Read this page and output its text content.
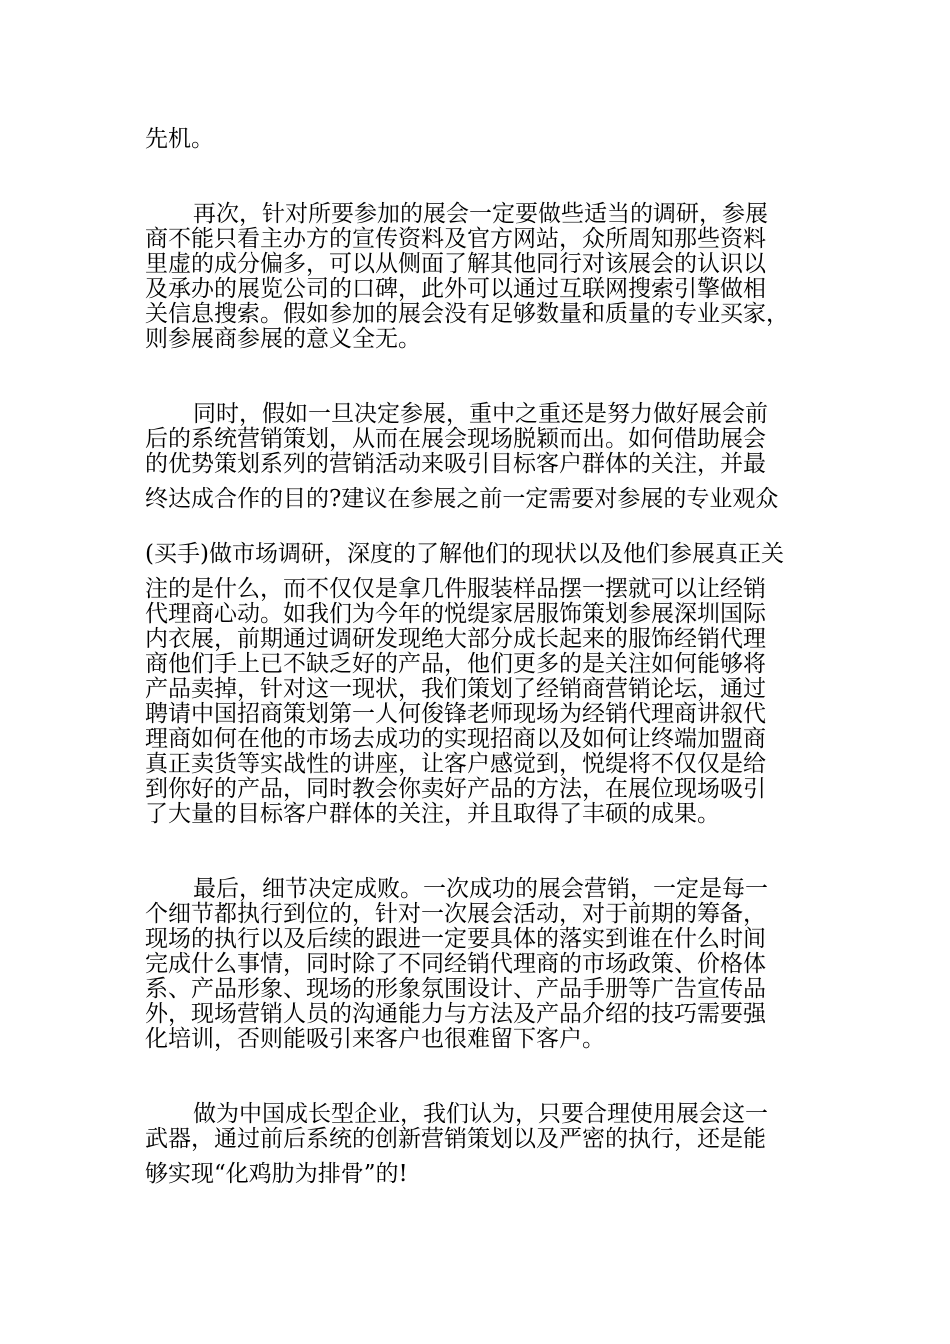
先机。
再次，针对所要参加的展会一定要做些适当的调研，参展
商不能只看主办方的宣传资料及官方网站，众所周知那些资料
里虚的成分偏多，可以从侧面了解其他同行对该展会的认识以
及承办的展览公司的口碑，此外可以通过互联网搜索引擎做相
关信息搜索。假如参加的展会没有足够数量和质量的专业买家，
则参展商参展的意义全无。
同时，假如一旦决定参展，重中之重还是努力做好展会前
后的系统营销策划，从而在展会现场脱颖而出。如何借助展会
的优势策划系列的营销活动来吸引目标客户群体的关注，并最
终达成合作的目的?建议在参展之前一定需要对参展的专业观众
(买手)做市场调研，深度的了解他们的现状以及他们参展真正关
注的是什么，而不仅仅是拿几件服装样品摆一摆就可以让经销
代理商心动。如我们为今年的悦缇家居服饰策划参展深圳国际
内衣展，前期通过调研发现绝大部分成长起来的服饰经销代理
商他们手上已不缺乏好的产品，他们更多的是关注如何能够将
产品卖掉，针对这一现状，我们策划了经销商营销论坛，通过
聘请中国招商策划第一人何俊锋老师现场为经销代理商讲叙代
理商如何在他的市场去成功的实现招商以及如何让终端加盟商
真正卖货等实战性的讲座，让客户感觉到，悦缇将不仅仅是给
到你好的产品，同时教会你卖好产品的方法，在展位现场吸引
了大量的目标客户群体的关注，并且取得了丰硕的成果。
最后，细节决定成败。一次成功的展会营销，一定是每一
个细节都执行到位的，针对一次展会活动，对于前期的筹备，
现场的执行以及后续的跟进一定要具体的落实到谁在什么时间
完成什么事情，同时除了不同经销代理商的市场政策、价格体
系、产品形象、现场的形象氛围设计、产品手册等广告宣传品
外，现场营销人员的沟通能力与方法及产品介绍的技巧需要强
化培训，否则能吸引来客户也很难留下客户。
做为中国成长型企业，我们认为，只要合理使用展会这一
武器，通过前后系统的创新营销策划以及严密的执行，还是能
够实现“化鸡肋为排骨”的!
